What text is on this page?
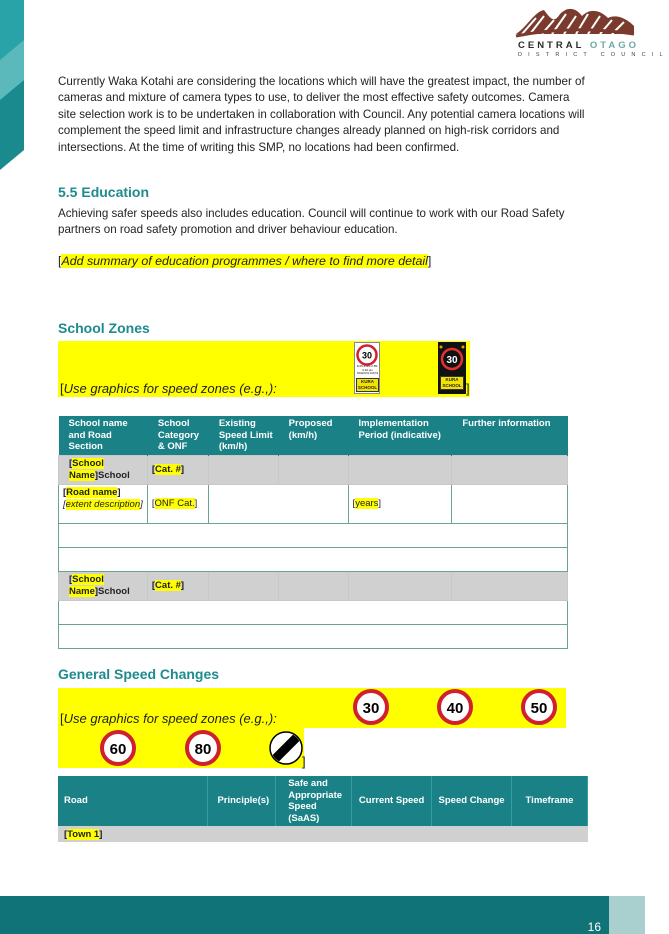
CENTRAL OTAGO
DISTRICT COUNCIL

Currently Waka Kotahi are considering the locations which will have the greatest impact, the number of cameras and mixture of camera types to use, to deliver the most effective safety outcomes. Camera site selection work is to be undertaken in collaboration with Council. Any potential camera locations will complement the speed limit and infrastructure changes already planned on high-risk corridors and intersections. At the time of writing this SMP, no locations had been confirmed.

5.5 Education

Achieving safer speeds also includes education. Council will continue to work with our Road Safety partners on road safety promotion and driver behaviour education.

[Add summary of education programmes / where to find more detail]
School Zones
[Use graphics for speed zones (e.g.,):	]
30
8.25-9 am 2.55-3.10 pm SCHOOL DAYS
KURA SCHOOL
30
KURA SCHOOL
School name and Road Section	School Category & ONF	Existing Speed Limit (km/h)	Proposed (km/h)	Implementation Period (indicative)	Further information
[School Name]School	[Cat. #]				
[Road name]
[extent description]	[ONF Cat.]			[years]	

[School Name]School	[Cat. #]				

General Speed Changes
[Use graphics for speed zones (e.g.,):
]
30	40	50
60	80
Road	Principle(s)	Safe and Appropriate Speed (SaAS)	Current Speed	Speed Change	Timeframe
[Town 1]					
16
